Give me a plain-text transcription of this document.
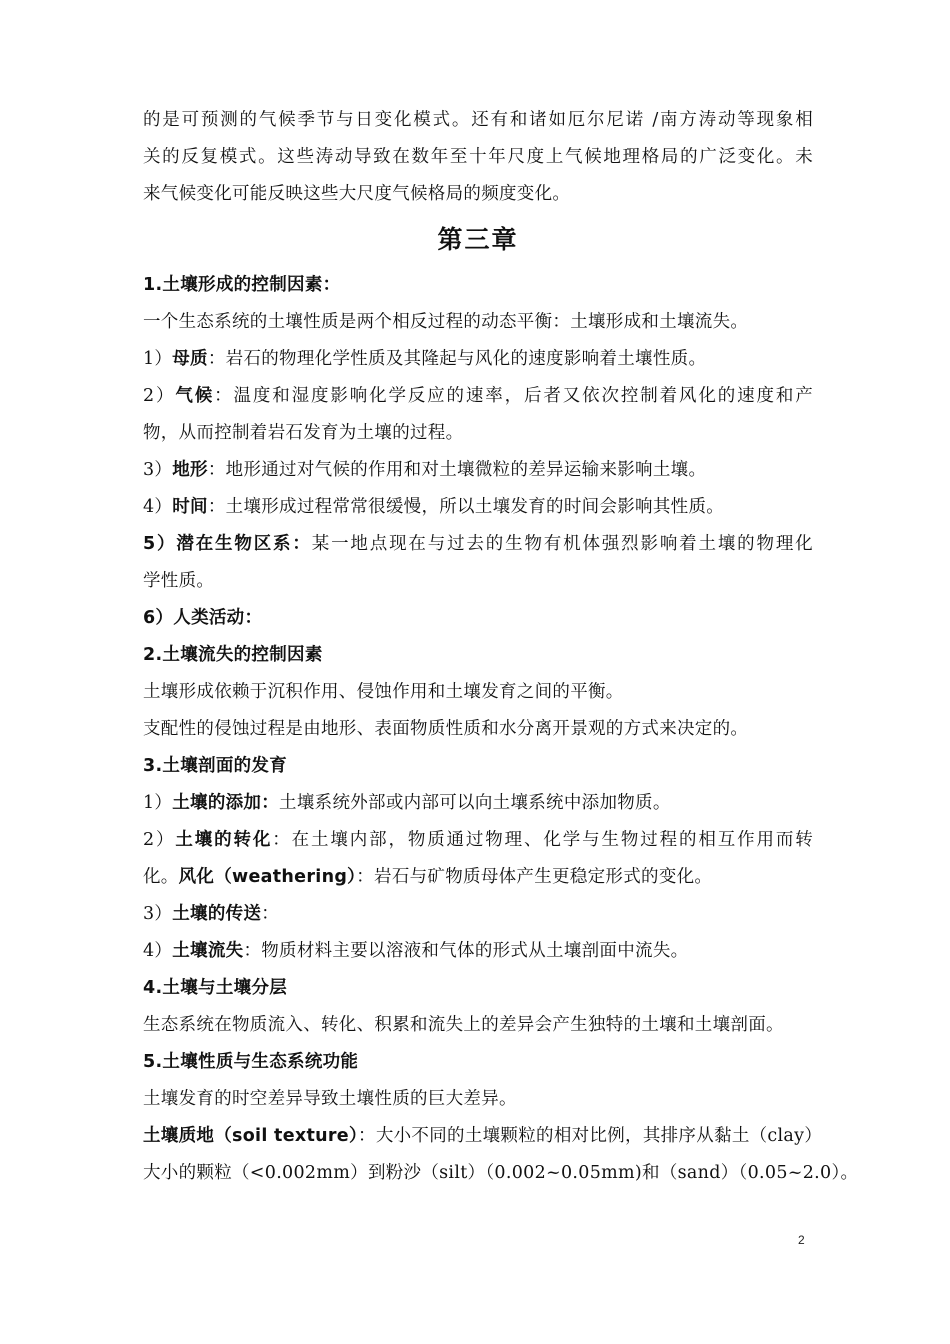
的是可预测的气候季节与日变化模式。还有和诸如厄尔尼诺 /南方涛动等现象相

关的反复模式。这些涛动导致在数年至十年尺度上气候地理格局的广泛变化。未

来气候变化可能反映这些大尺度气候格局的频度变化。

第三章

1.土壤形成的控制因素：

一个生态系统的土壤性质是两个相反过程的动态平衡：土壤形成和土壤流失。

1）母质：岩石的物理化学性质及其隆起与风化的速度影响着土壤性质。

2）气候：温度和湿度影响化学反应的速率，后者又依次控制着风化的速度和产

物，从而控制着岩石发育为土壤的过程。

3）地形：地形通过对气候的作用和对土壤微粒的差异运输来影响土壤。

4）时间：土壤形成过程常常很缓慢，所以土壤发育的时间会影响其性质。

5）潜在生物区系：某一地点现在与过去的生物有机体强烈影响着土壤的物理化

学性质。

6）人类活动：

2.土壤流失的控制因素

土壤形成依赖于沉积作用、侵蚀作用和土壤发育之间的平衡。

支配性的侵蚀过程是由地形、表面物质性质和水分离开景观的方式来决定的。

3.土壤剖面的发育

1）土壤的添加：土壤系统外部或内部可以向土壤系统中添加物质。

2）土壤的转化：在土壤内部，物质通过物理、化学与生物过程的相互作用而转

化。风化（weathering）：岩石与矿物质母体产生更稳定形式的变化。

3）土壤的传送：

4）土壤流失：物质材料主要以溶液和气体的形式从土壤剖面中流失。

4.土壤与土壤分层

生态系统在物质流入、转化、积累和流失上的差异会产生独特的土壤和土壤剖面。

5.土壤性质与生态系统功能

土壤发育的时空差异导致土壤性质的巨大差异。

土壤质地（soil texture）：大小不同的土壤颗粒的相对比例，其排序从黏土（clay）

大小的颗粒（<0.002mm）到粉沙（silt）（0.002~0.05mm)和（sand）（0.05~2.0）。

2
